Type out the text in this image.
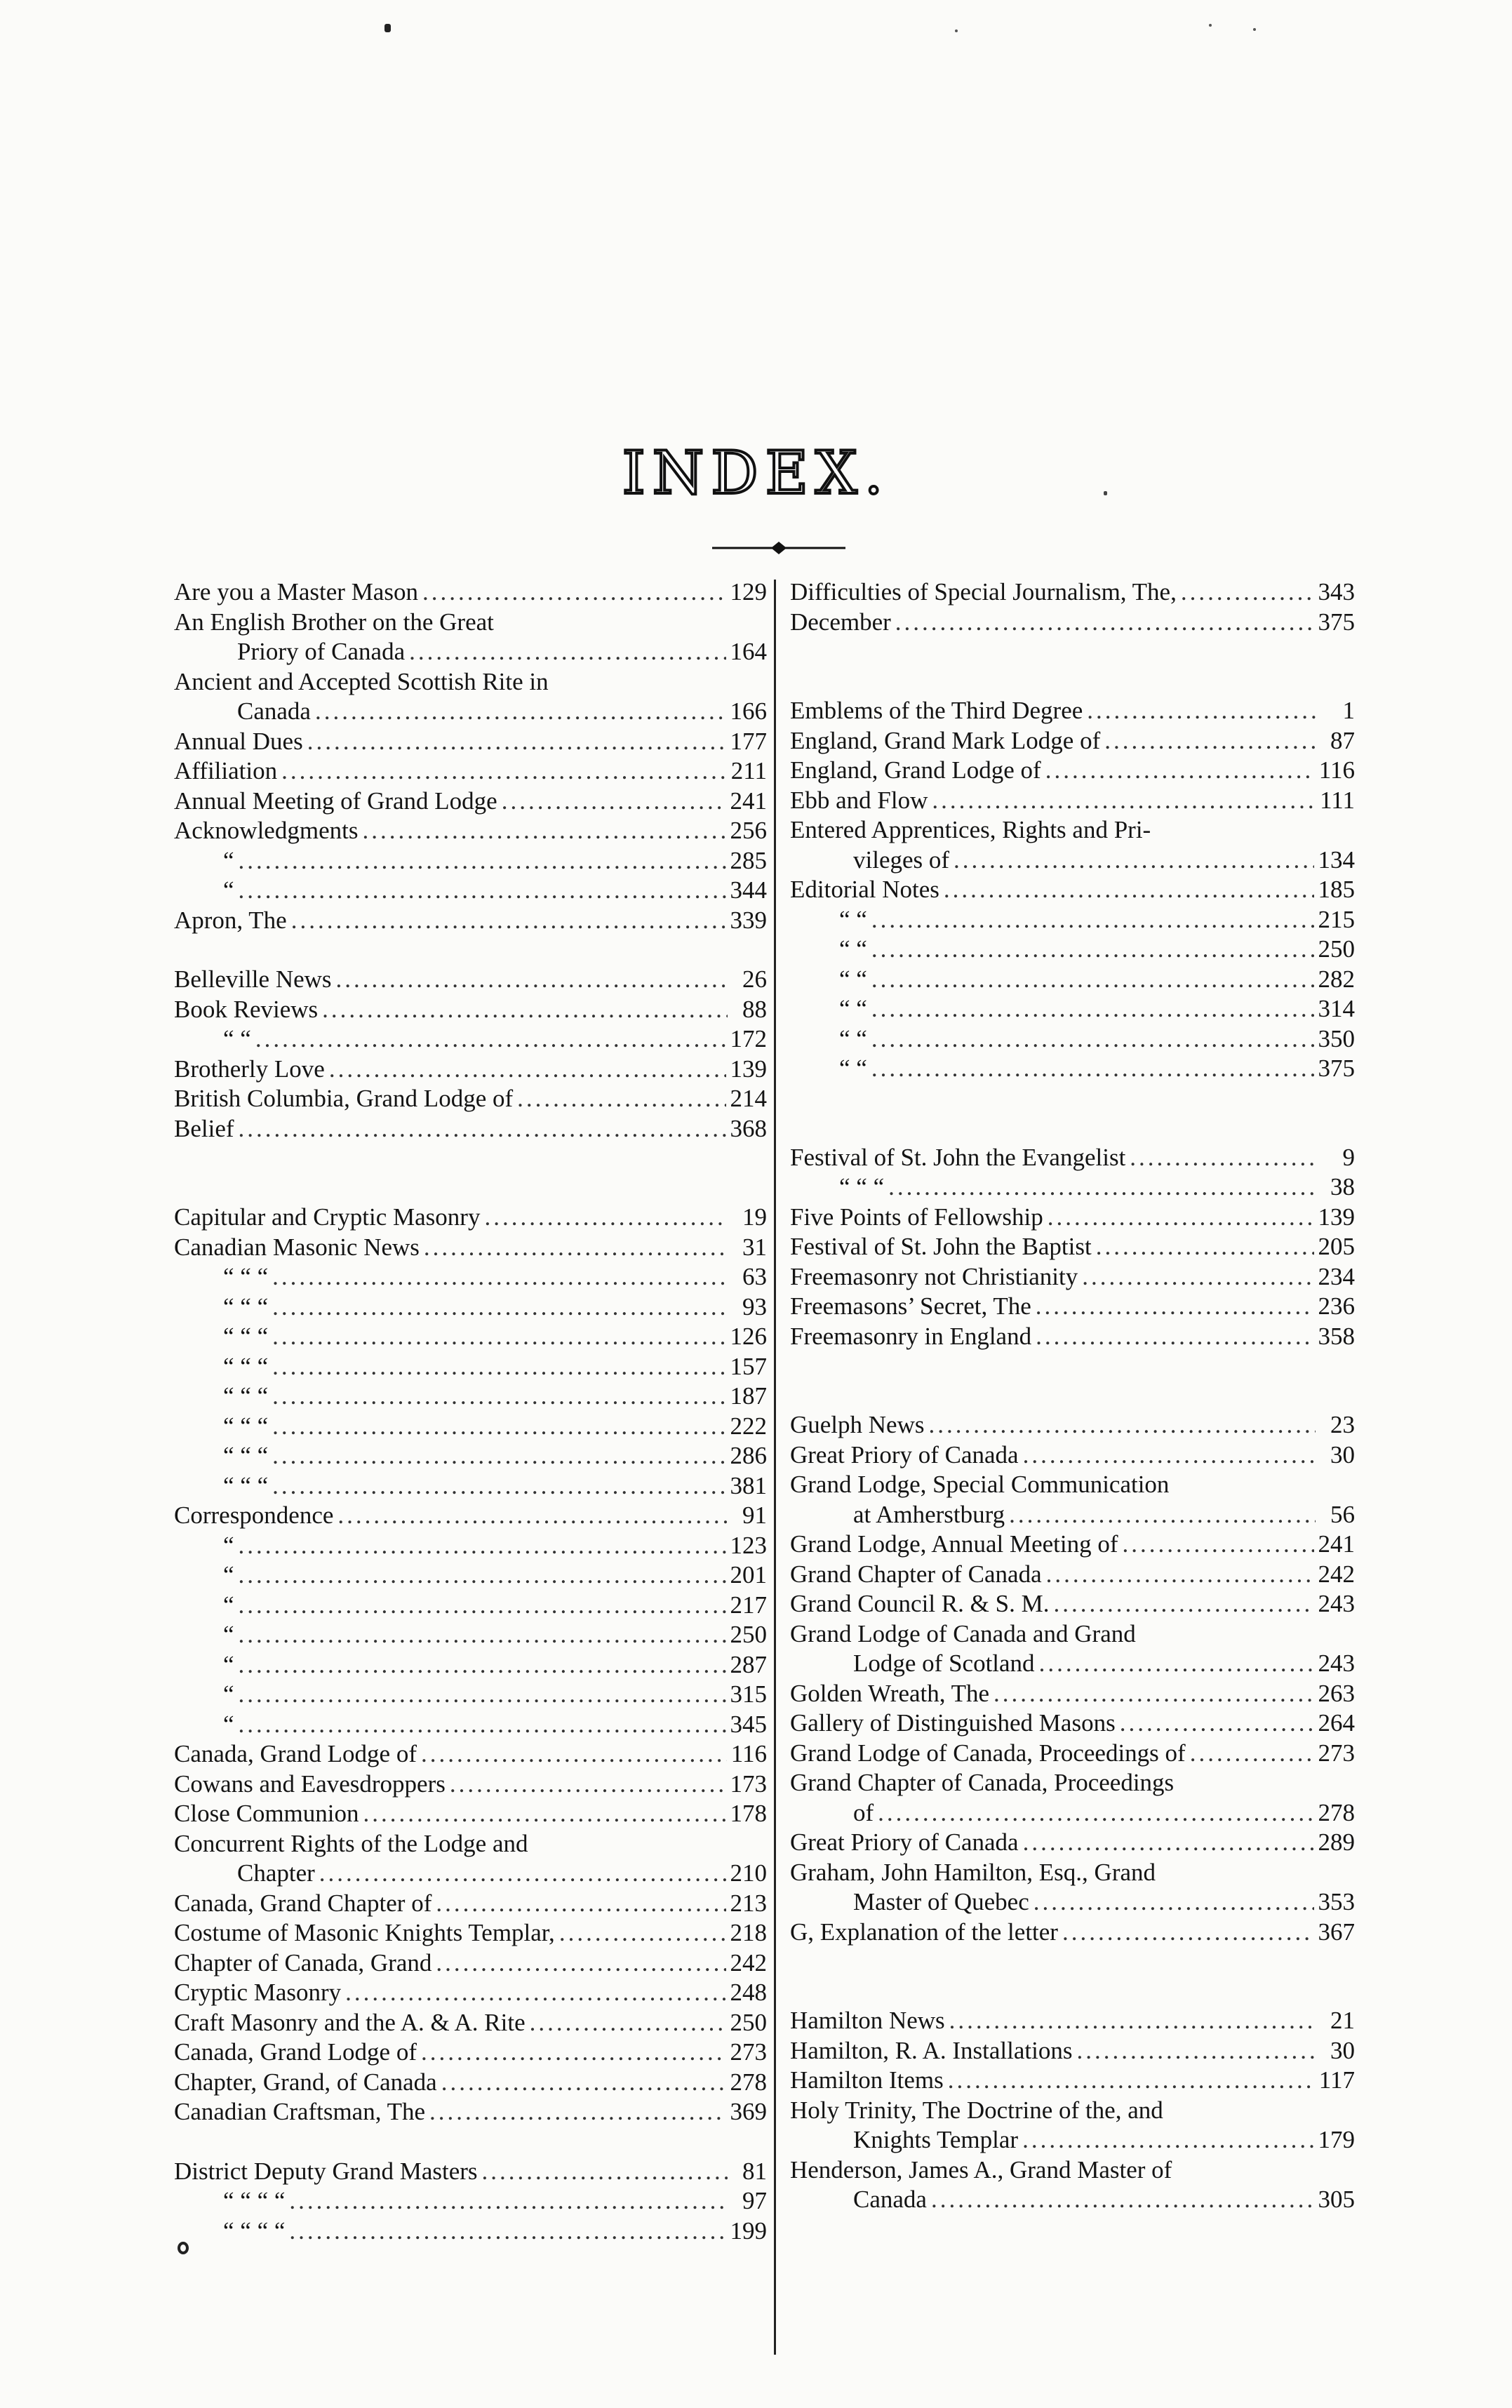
INDEX.
Are you a Master Mason .....	129
An English Brother on the Great
Priory of Canada .....	164
Ancient and Accepted Scottish Rite in
Canada .....	166
Annual Dues .....	177
Affiliation .....	211
Annual Meeting of Grand Lodge .....	241
Acknowledgments .....	256
“ .....	285
“ .....	344
Apron, The .....	339
Belleville News .....	26
Book Reviews .....	88
“ “ .....	172
Brotherly Love .....	139
British Columbia, Grand Lodge of .....	214
Belief .....	368
Capitular and Cryptic Masonry .....	19
Canadian Masonic News .....	31
“ “ “ .....	63
“ “ “ .....	93
“ “ “ .....	126
“ “ “ .....	157
“ “ “ .....	187
“ “ “ .....	222
“ “ “ .....	286
“ “ “ .....	381
Correspondence .....	91
“ .....	123
“ .....	201
“ .....	217
“ .....	250
“ .....	287
“ .....	315
“ .....	345
Canada, Grand Lodge of .....	116
Cowans and Eavesdroppers .....	173
Close Communion .....	178
Concurrent Rights of the Lodge and
Chapter .....	210
Canada, Grand Chapter of .....	213
Costume of Masonic Knights Templar, .....	218
Chapter of Canada, Grand .....	242
Cryptic Masonry .....	248
Craft Masonry and the A. & A. Rite .....	250
Canada, Grand Lodge of .....	273
Chapter, Grand, of Canada .....	278
Canadian Craftsman, The .....	369
District Deputy Grand Masters .....	81
“ “ “ “ .....	97
“ “ “ “ .....	199
Difficulties of Special Journalism, The, .....	343
December .....	375
Emblems of the Third Degree .....	1
England, Grand Mark Lodge of .....	87
England, Grand Lodge of .....	116
Ebb and Flow .....	111
Entered Apprentices, Rights and Pri-
vileges of .....	134
Editorial Notes .....	185
“ “ .....	215
“ “ .....	250
“ “ .....	282
“ “ .....	314
“ “ .....	350
“ “ .....	375
Festival of St. John the Evangelist .....	9
“ “ “ .....	38
Five Points of Fellowship .....	139
Festival of St. John the Baptist .....	205
Freemasonry not Christianity .....	234
Freemasons’ Secret, The .....	236
Freemasonry in England .....	358
Guelph News .....	23
Great Priory of Canada .....	30
Grand Lodge, Special Communication
at Amherstburg .....	56
Grand Lodge, Annual Meeting of .....	241
Grand Chapter of Canada .....	242
Grand Council R. & S. M. .....	243
Grand Lodge of Canada and Grand
Lodge of Scotland .....	243
Golden Wreath, The .....	263
Gallery of Distinguished Masons .....	264
Grand Lodge of Canada, Proceedings of .....	273
Grand Chapter of Canada, Proceedings
of .....	278
Great Priory of Canada .....	289
Graham, John Hamilton, Esq., Grand
Master of Quebec .....	353
G, Explanation of the letter .....	367
Hamilton News .....	21
Hamilton, R. A. Installations .....	30
Hamilton Items .....	117
Holy Trinity, The Doctrine of the, and
Knights Templar .....	179
Henderson, James A., Grand Master of
Canada .....	305
